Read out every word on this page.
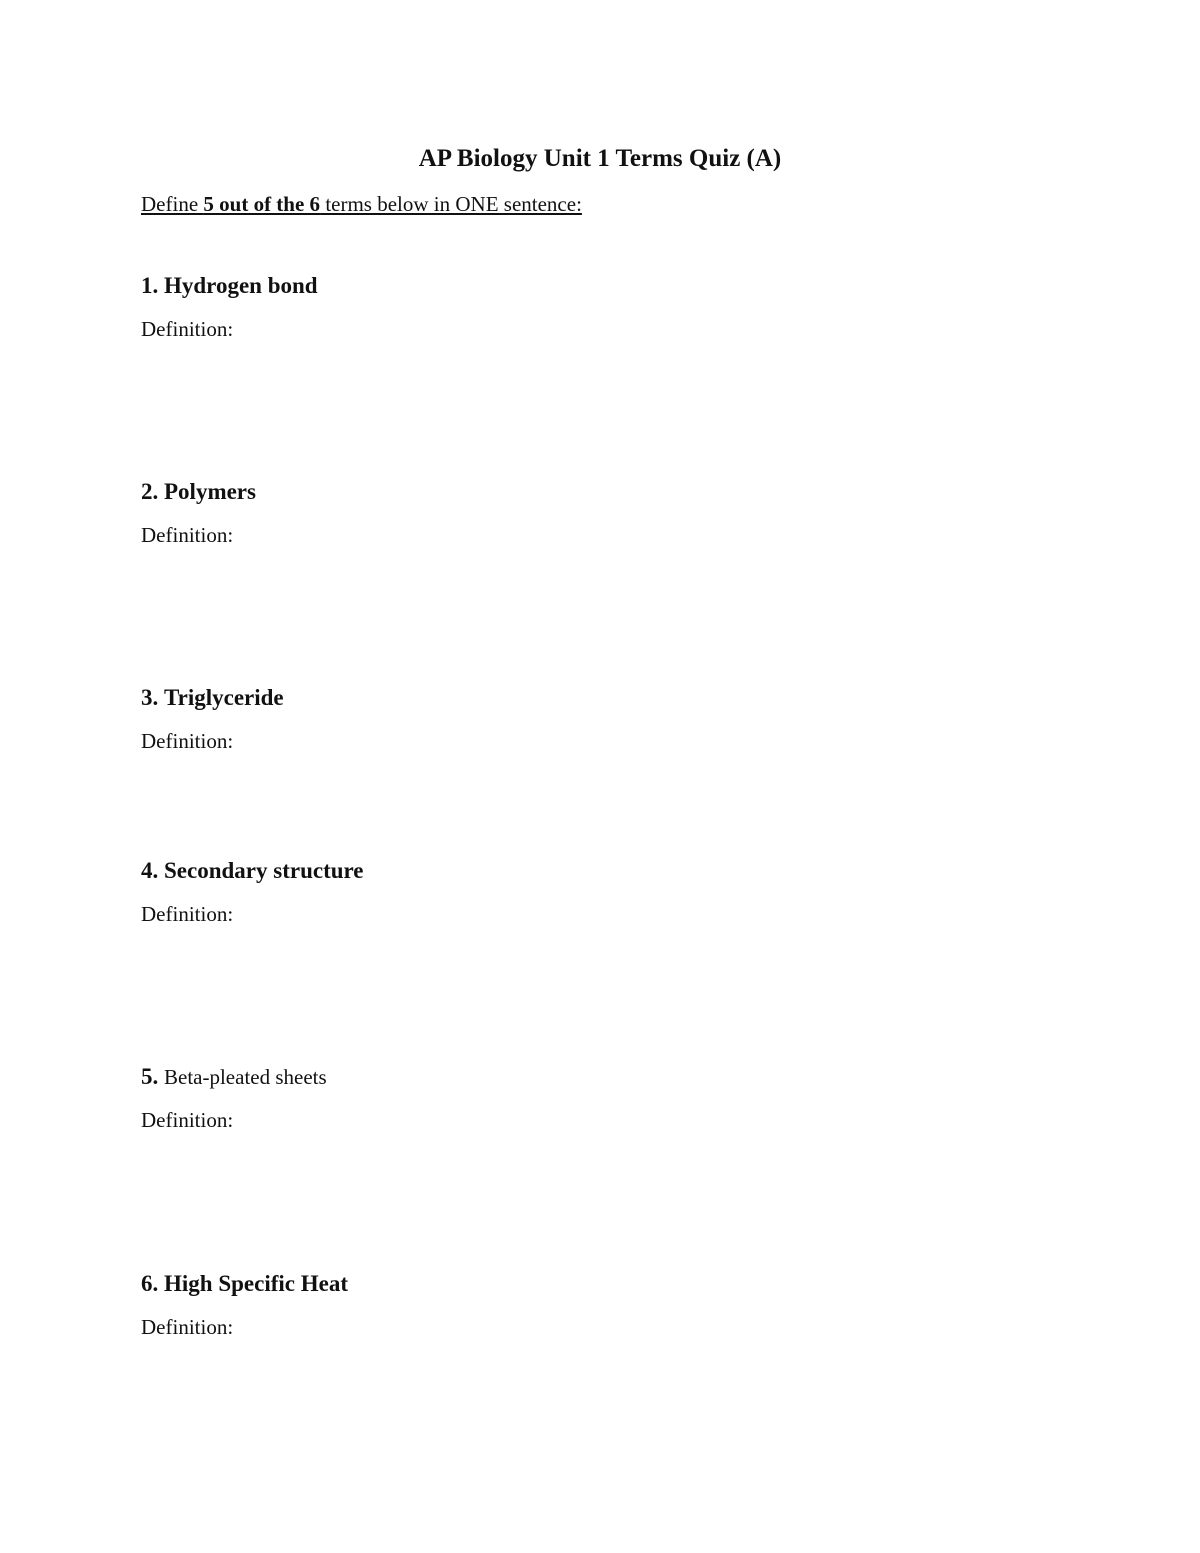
AP Biology Unit 1 Terms Quiz (A)

Define 5 out of the 6 terms below in ONE sentence:

1. Hydrogen bond

Definition:

2. Polymers

Definition:

3. Triglyceride

Definition:

4. Secondary structure

Definition:

5. Beta-pleated sheets

Definition:

6. High Specific Heat

Definition:
